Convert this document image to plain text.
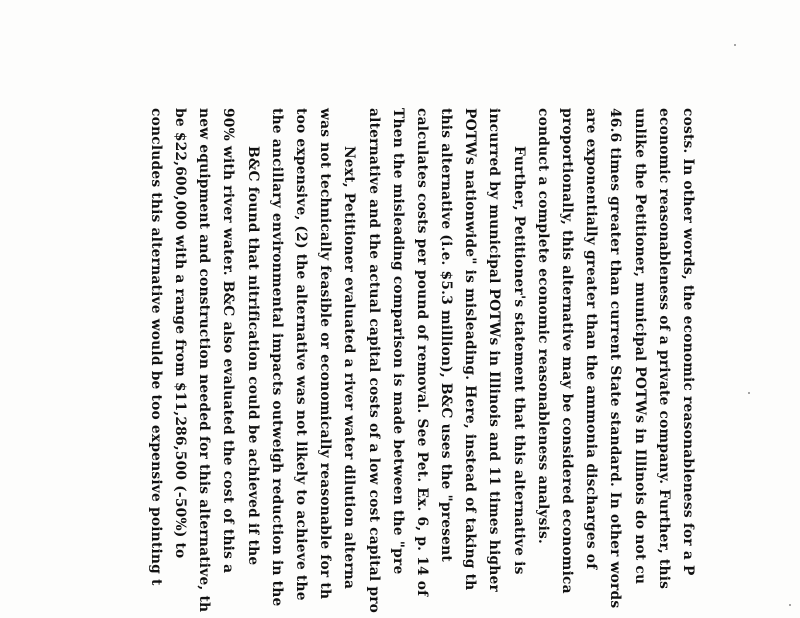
costs. In other words, the economic reasonableness for a P
economic reasonableness of a private company. Further, this
unlike the Petitioner, municipal POTWs in Illinois do not cu
46.6 times greater than current State standard. In other words
are exponentially greater than the ammonia discharges of
proportionally, this alternative may be considered economica
conduct a complete economic reasonableness analysis.
Further, Petitioner's statement that this alternative is
incurred by municipal POTWs in Illinois and 11 times higher
POTWs nationwide" is misleading. Here, instead of taking th
this alternative (i.e. $5.3 million), B&C uses the "present
calculates costs per pound of removal. See Pet. Ex. 6, p. 14 of
Then the misleading comparison is made between the "pre
alternative and the actual capital costs of a low cost capital pro
Next, Petitioner evaluated a river water dilution alterna
was not technically feasible or economically reasonable for th
too expensive, (2) the alternative was not likely to achieve the
the ancillary environmental impacts outweigh reduction in the
B&C found that nitrification could be achieved if the
90% with river water. B&C also evaluated the cost of this a
new equipment and construction needed for this alternative, th
be $22,600,000 with a range from $11,286,500 (-50%) to
concludes this alternative would be too expensive pointing t
